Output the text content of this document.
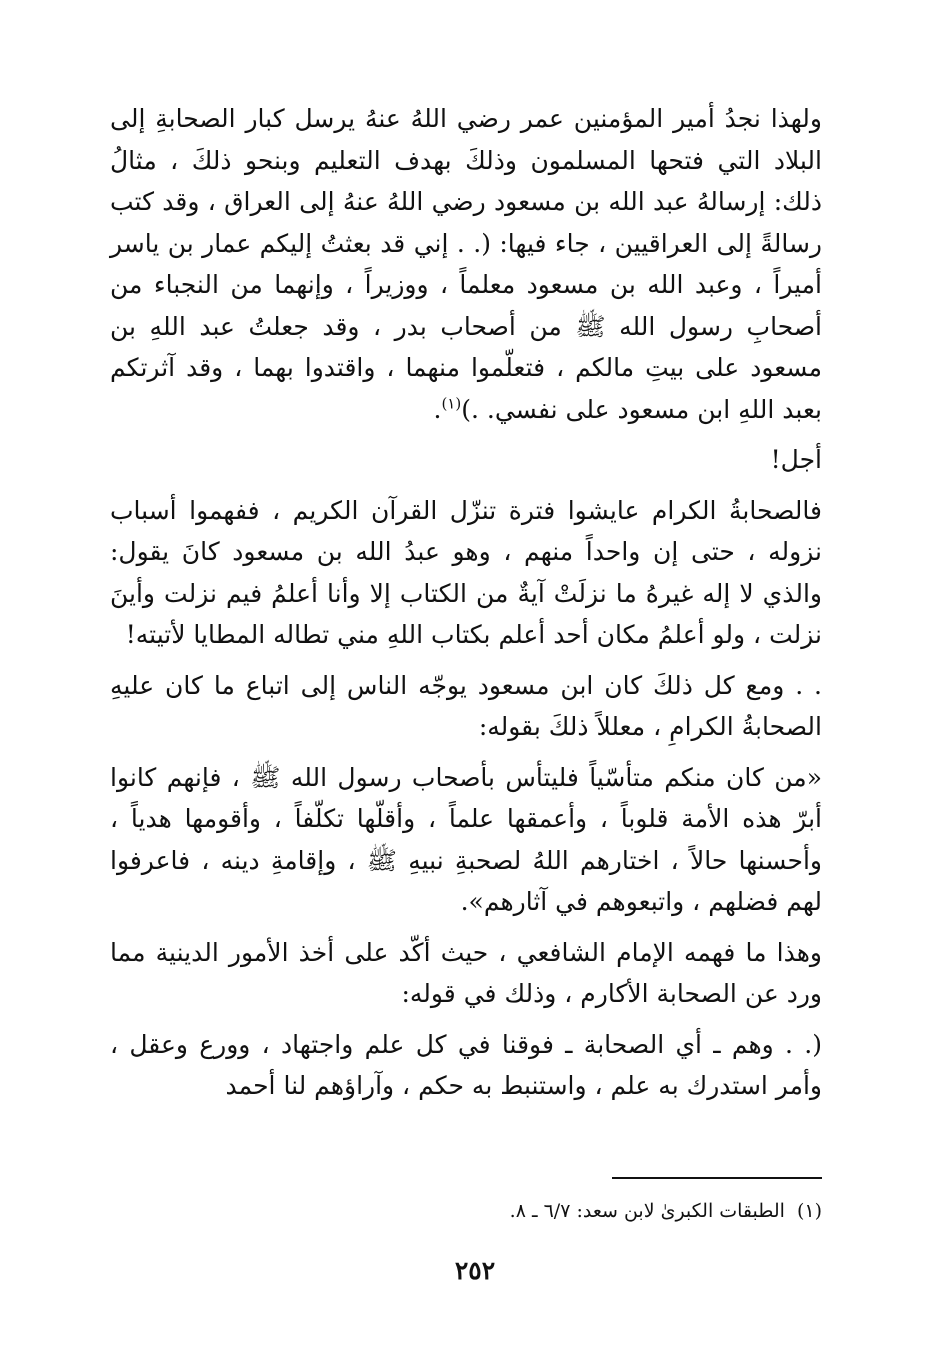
ولهذا نجدُ أمير المؤمنين عمر رضي اللهُ عنهُ يرسل كبار الصحابةِ إلى البلاد التي فتحها المسلمون وذلكَ بهدف التعليم وبنحو ذلكَ ، مثالُ ذلك: إرسالهُ عبد الله بن مسعود رضي اللهُ عنهُ إلى العراق ، وقد كتب رسالةً إلى العراقيين ، جاء فيها: (. . إني قد بعثتُ إليكم عمار بن ياسر أميراً ، وعبد الله بن مسعود معلماً ، ووزيراً ، وإنهما من النجباء من أصحابِ رسول الله ﷺ من أصحاب بدر ، وقد جعلتُ عبد اللهِ بن مسعود على بيتِ مالكم ، فتعلّموا منهما ، واقتدوا بهما ، وقد آثرتكم بعبد اللهِ ابن مسعود على نفسي. .)$^{(١)}$.

أجل!

فالصحابةُ الكرام عايشوا فترة تنزّل القرآن الكريم ، ففهموا أسباب نزوله ، حتى إن واحداً منهم ، وهو عبدُ الله بن مسعود كانَ يقول: والذي لا إله غيرهُ ما نزلَتْ آيةٌ من الكتاب إلا وأنا أعلمُ فيم نزلت وأينَ نزلت ، ولو أعلمُ مكان أحد أعلم بكتاب اللهِ مني تطاله المطايا لأتيته!

. . ومع كل ذلكَ كان ابن مسعود يوجّه الناس إلى اتباع ما كان عليهِ الصحابةُ الكرامِ ، معللاً ذلكَ بقوله:

«من كان منكم متأسّياً فليتأس بأصحاب رسول الله ﷺ ، فإنهم كانوا أبرّ هذه الأمة قلوباً ، وأعمقها علماً ، وأقلّها تكلّفاً ، وأقومها هدياً ، وأحسنها حالاً ، اختارهم اللهُ لصحبةِ نبيهِ ﷺ ، وإقامةِ دينه ، فاعرفوا لهم فضلهم ، واتبعوهم في آثارهم».

وهذا ما فهمه الإمام الشافعي ، حيث أكّد على أخذ الأمور الدينية مما ورد عن الصحابة الأكارم ، وذلك في قوله:

(. . وهم ـ أي الصحابة ـ فوقنا في كل علم واجتهاد ، وورع وعقل ، وأمر استدرك به علم ، واستنبط به حكم ، وآراؤهم لنا أحمد

(١)الطبقات الكبرىٰ لابن سعد: ٦/٧ ـ ٨.
٢٥٢
